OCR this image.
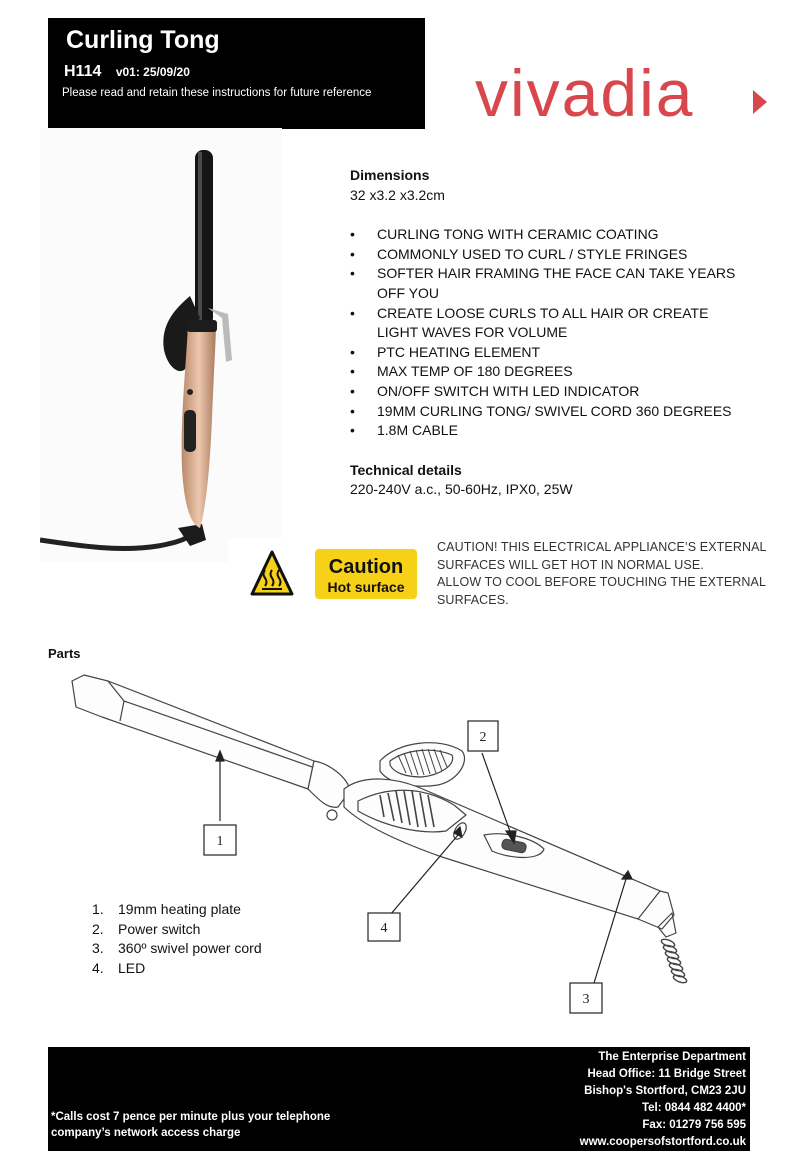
Curling Tong
H114 v01: 25/09/20
Please read and retain these instructions for future reference vivadia
Dimensions
32 x3.2 x3.2cm
• CURLING TONG WITH CERAMIC COATING
• COMMONLY USED TO CURL / STYLE FRINGES
• SOFTER HAIR FRAMING THE FACE CAN TAKE YEARS OFF YOU
• CREATE LOOSE CURLS TO ALL HAIR OR CREATE LIGHT WAVES FOR VOLUME
• PTC HEATING ELEMENT
• MAX TEMP OF 180 DEGREES
• ON/OFF SWITCH WITH LED INDICATOR
• 19MM CURLING TONG/ SWIVEL CORD 360 DEGREES
• 1.8M CABLE
Technical details
220-240V a.c., 50-60Hz, IPX0, 25W
Caution
Hot surface
CAUTION! THIS ELECTRICAL APPLIANCE’S EXTERNAL SURFACES WILL GET HOT IN NORMAL USE.
ALLOW TO COOL BEFORE TOUCHING THE EXTERNAL SURFACES.
Parts
1
2
3
4
1. 19mm heating plate
2. Power switch
3. 360º swivel power cord
4. LED
*Calls cost 7 pence per minute plus your telephone company’s network access charge
The Enterprise Department
Head Office: 11 Bridge Street
Bishop's Stortford, CM23 2JU
Tel: 0844 482 4400*
Fax: 01279 756 595
www.coopersofstortford.co.uk
